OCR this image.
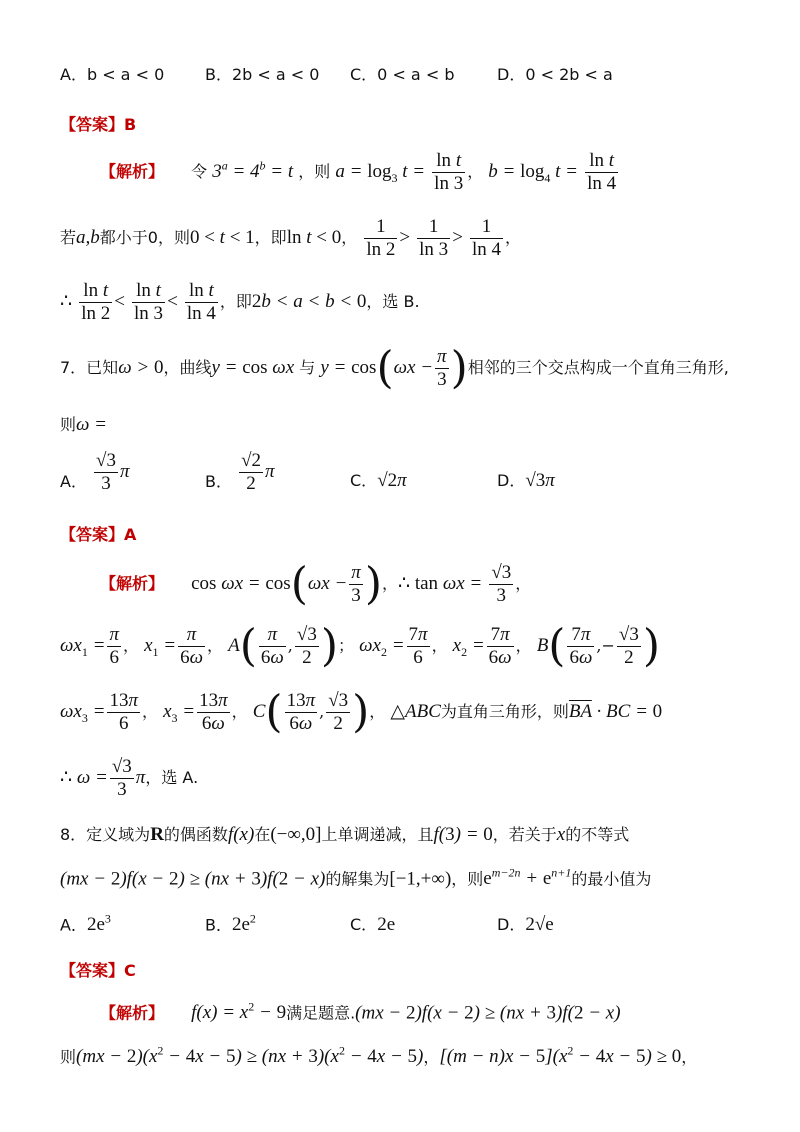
A．b < a < 0	B．2b < a < 0 C．0 < a < b	D．0 < 2b < a
【答案】B
【解析】 令 $3^a = 4^b = t$ ，则 $a = \log_3 t = \frac{\text{ln t}}{\ln 3}$ ， $b = \log_4 t = \frac{\text{ln t}}{\ln 4}$
若a,b都小于0，则0 < t < 1，即ln t < 0， $\frac{1}{\ln 2} > \frac{1}{\ln 3} > \frac{1}{\ln 4}$ ，
∴ $\frac{\text{ln t}}{\ln 2} < \frac{\text{ln t}}{\ln 3} < \frac{\text{ln t}}{\ln 4}$ ，即2b < a < b < 0，选 B.
7．已知ω > 0，曲线y = cos ωx 与 $y = \cos(\omega x - \frac{\pi}{3}$ )相邻的三个交点构成一个直角三角形,
则ω =
A． $\frac{√3}{3}$ π	B． $\frac{√2}{2}$ π	C．√2π	D．√3π
【答案】A
【解析】 $\cos \omega x = \cos(\omega x - \frac{\pi}{3}$ )，∴ $\tan \omega x = \frac{√3}{3}$ ，
$\omega x_1 = \frac{\pi}{6}$ ， $x_1 = \frac{\pi}{6\omega}$ ， $A( \frac{\pi}{6\omega}$ , $\frac{√3}{2}$ )； $\omega x_2 = \frac{7\pi}{6}$ ， $x_2 = \frac{7\pi}{6\omega}$ ， $B( \frac{7\pi}{6\omega}$ ,− $\frac{√3}{2}$ )
$\omega x_3 = \frac{13\pi}{6}$ ， $x_3 = \frac{13\pi}{6\omega}$ ， $C( \frac{13\pi}{6\omega}$ , $\frac{√3}{2}$ )， △ABC为直角三角形，则$\overline{BA}$ · BC = 0
∴ $\omega = \frac{√3}{3}$ π，选 A.
8．定义域为R的偶函数f(x)在(−∞,0]上单调递减，且f(3) = 0，若关于x的不等式
(mx − 2)f(x − 2) ≥ (nx + 3)f(2 − x)的解集为[−1,+∞)，则$e^{m-2n} + e^{n+1}$的最小值为
A．$2e^3$	B．$2e^2$	C．2e	D．2√e
【答案】C
【解析】 $f(x) = x^2 - 9$满足题意.(mx − 2)f(x − 2) ≥ (nx + 3)f(2 − x)
则$(mx - 2)(x^2 - 4x - 5) \ge (nx + 3)(x^2 - 4x - 5)$，$[(m - n)x - 5](x^2 - 4x - 5) \ge 0$，
